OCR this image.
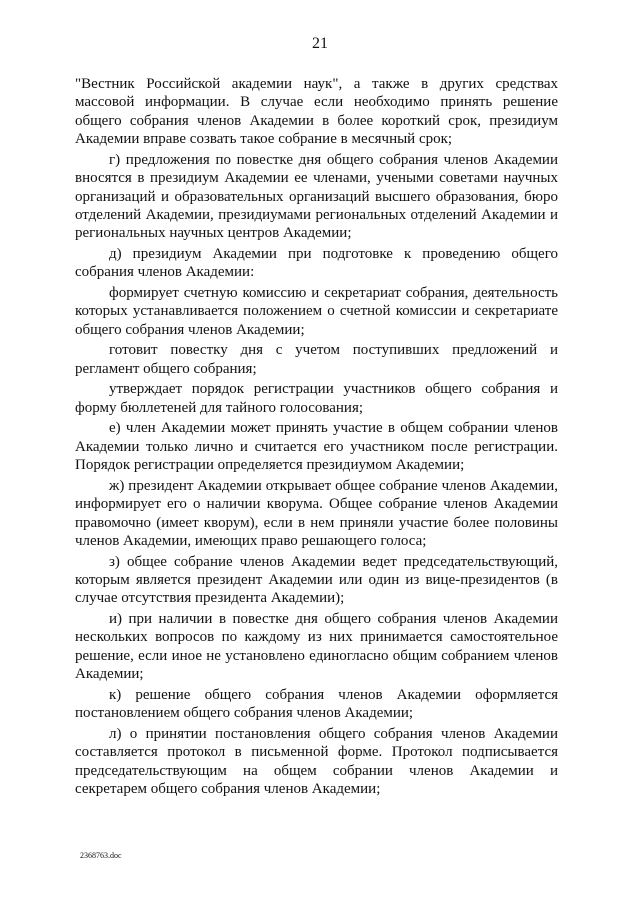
21

"Вестник Российской академии наук", а также в других средствах массовой информации. В случае если необходимо принять решение общего собрания членов Академии в более короткий срок, президиум Академии вправе созвать такое собрание в месячный срок;

г) предложения по повестке дня общего собрания членов Академии вносятся в президиум Академии ее членами, учеными советами научных организаций и образовательных организаций высшего образования, бюро отделений Академии, президиумами региональных отделений Академии и региональных научных центров Академии;

д) президиум Академии при подготовке к проведению общего собрания членов Академии:

формирует счетную комиссию и секретариат собрания, деятельность которых устанавливается положением о счетной комиссии и секретариате общего собрания членов Академии;

готовит повестку дня с учетом поступивших предложений и регламент общего собрания;

утверждает порядок регистрации участников общего собрания и форму бюллетеней для тайного голосования;

е) член Академии может принять участие в общем собрании членов Академии только лично и считается его участником после регистрации. Порядок регистрации определяется президиумом Академии;

ж) президент Академии открывает общее собрание членов Академии, информирует его о наличии кворума. Общее собрание членов Академии правомочно (имеет кворум), если в нем приняли участие более половины членов Академии, имеющих право решающего голоса;

з) общее собрание членов Академии ведет председательствующий, которым является президент Академии или один из вице-президентов (в случае отсутствия президента Академии);

и) при наличии в повестке дня общего собрания членов Академии нескольких вопросов по каждому из них принимается самостоятельное решение, если иное не установлено единогласно общим собранием членов Академии;

к) решение общего собрания членов Академии оформляется постановлением общего собрания членов Академии;

л) о принятии постановления общего собрания членов Академии составляется протокол в письменной форме. Протокол подписывается председательствующим на общем собрании членов Академии и секретарем общего собрания членов Академии;

2368763.doc
